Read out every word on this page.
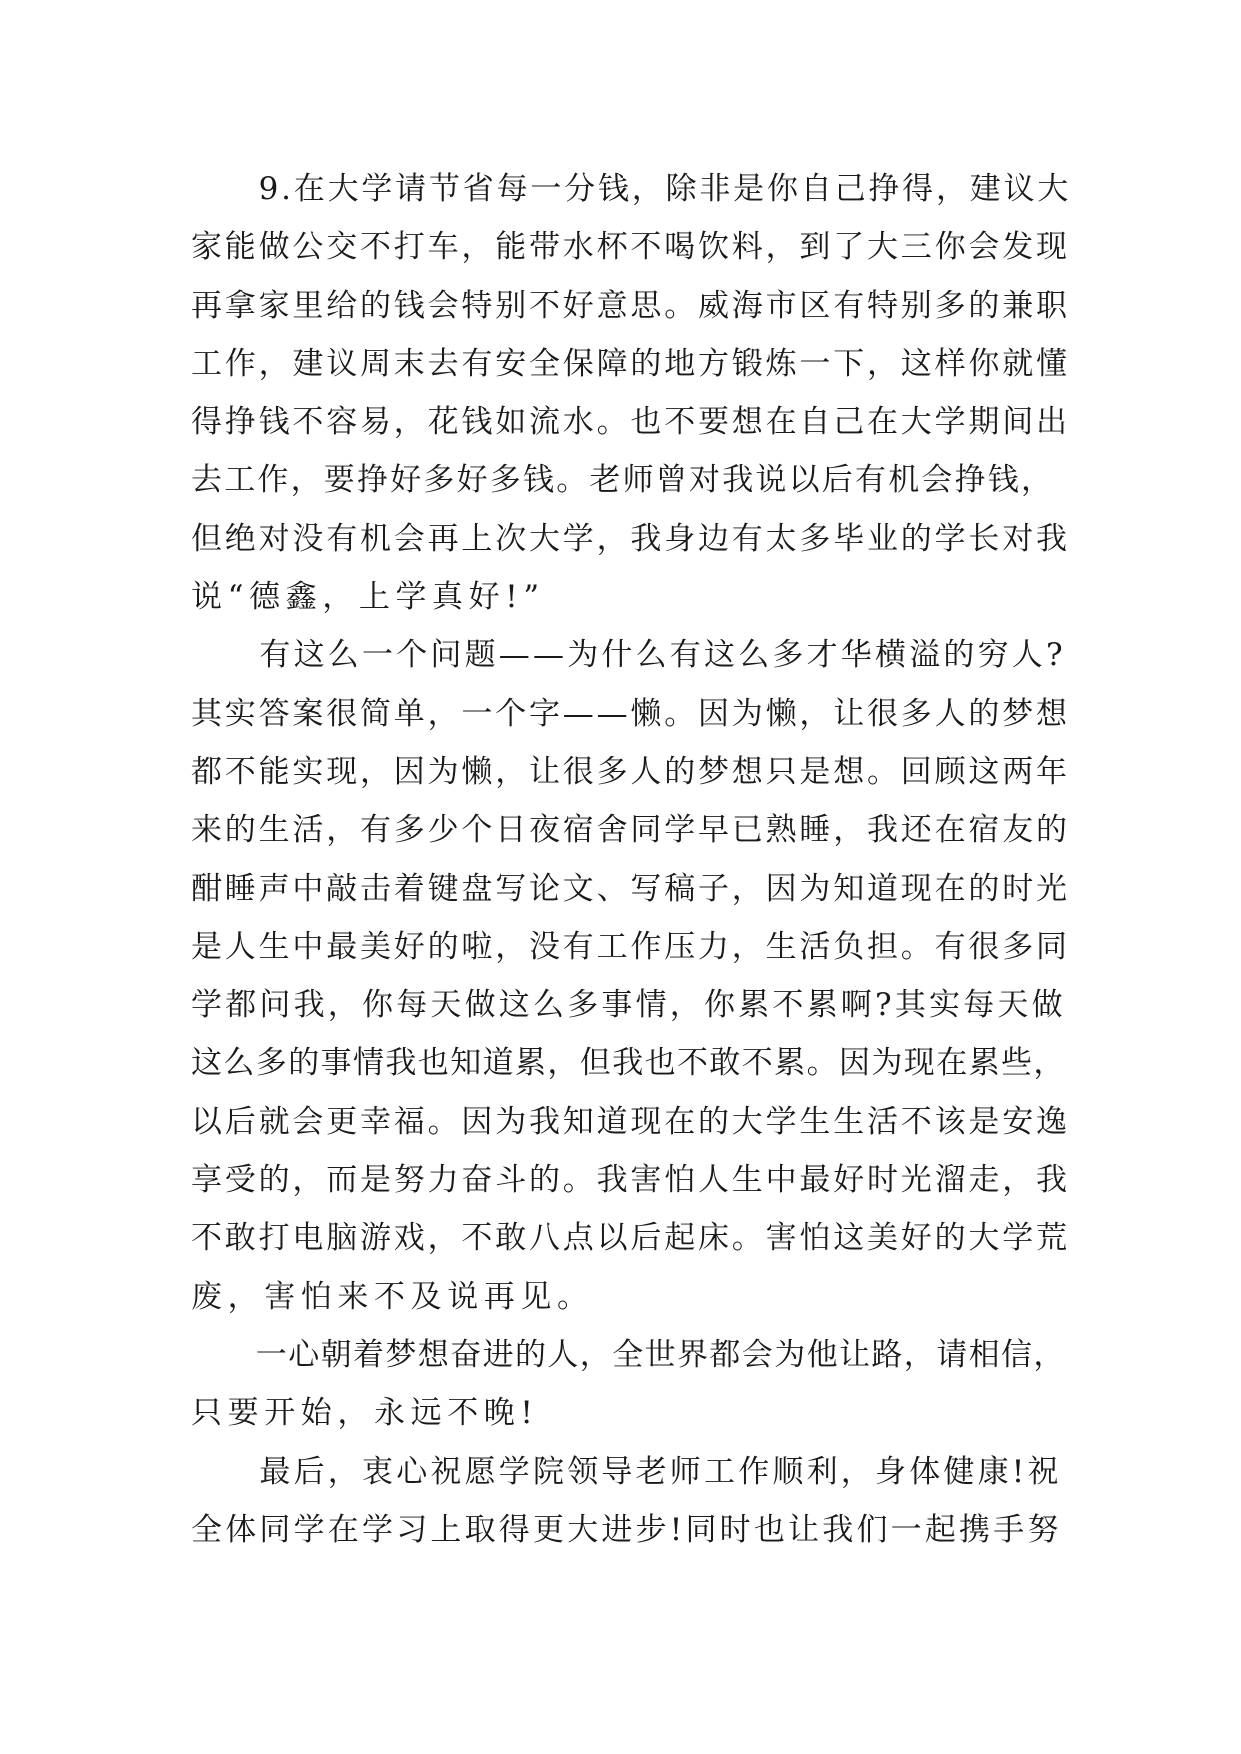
　　9.在大学请节省每一分钱，除非是你自己挣得，建议大
家能做公交不打车，能带水杯不喝饮料，到了大三你会发现
再拿家里给的钱会特别不好意思。威海市区有特别多的兼职
工作，建议周末去有安全保障的地方锻炼一下，这样你就懂
得挣钱不容易，花钱如流水。也不要想在自己在大学期间出
去工作，要挣好多好多钱。老师曾对我说以后有机会挣钱，
但绝对没有机会再上次大学，我身边有太多毕业的学长对我
说“德鑫，上学真好!”
　　有这么一个问题——为什么有这么多才华横溢的穷人?
其实答案很简单，一个字——懒。因为懒，让很多人的梦想
都不能实现，因为懒，让很多人的梦想只是想。回顾这两年
来的生活，有多少个日夜宿舍同学早已熟睡，我还在宿友的
酣睡声中敲击着键盘写论文、写稿子，因为知道现在的时光
是人生中最美好的啦，没有工作压力，生活负担。有很多同
学都问我，你每天做这么多事情，你累不累啊?其实每天做
这么多的事情我也知道累，但我也不敢不累。因为现在累些，
以后就会更幸福。因为我知道现在的大学生生活不该是安逸
享受的，而是努力奋斗的。我害怕人生中最好时光溜走，我
不敢打电脑游戏，不敢八点以后起床。害怕这美好的大学荒
废，害怕来不及说再见。
　　一心朝着梦想奋进的人，全世界都会为他让路，请相信，
只要开始，永远不晚!
　　最后，衷心祝愿学院领导老师工作顺利，身体健康!祝
全体同学在学习上取得更大进步!同时也让我们一起携手努
